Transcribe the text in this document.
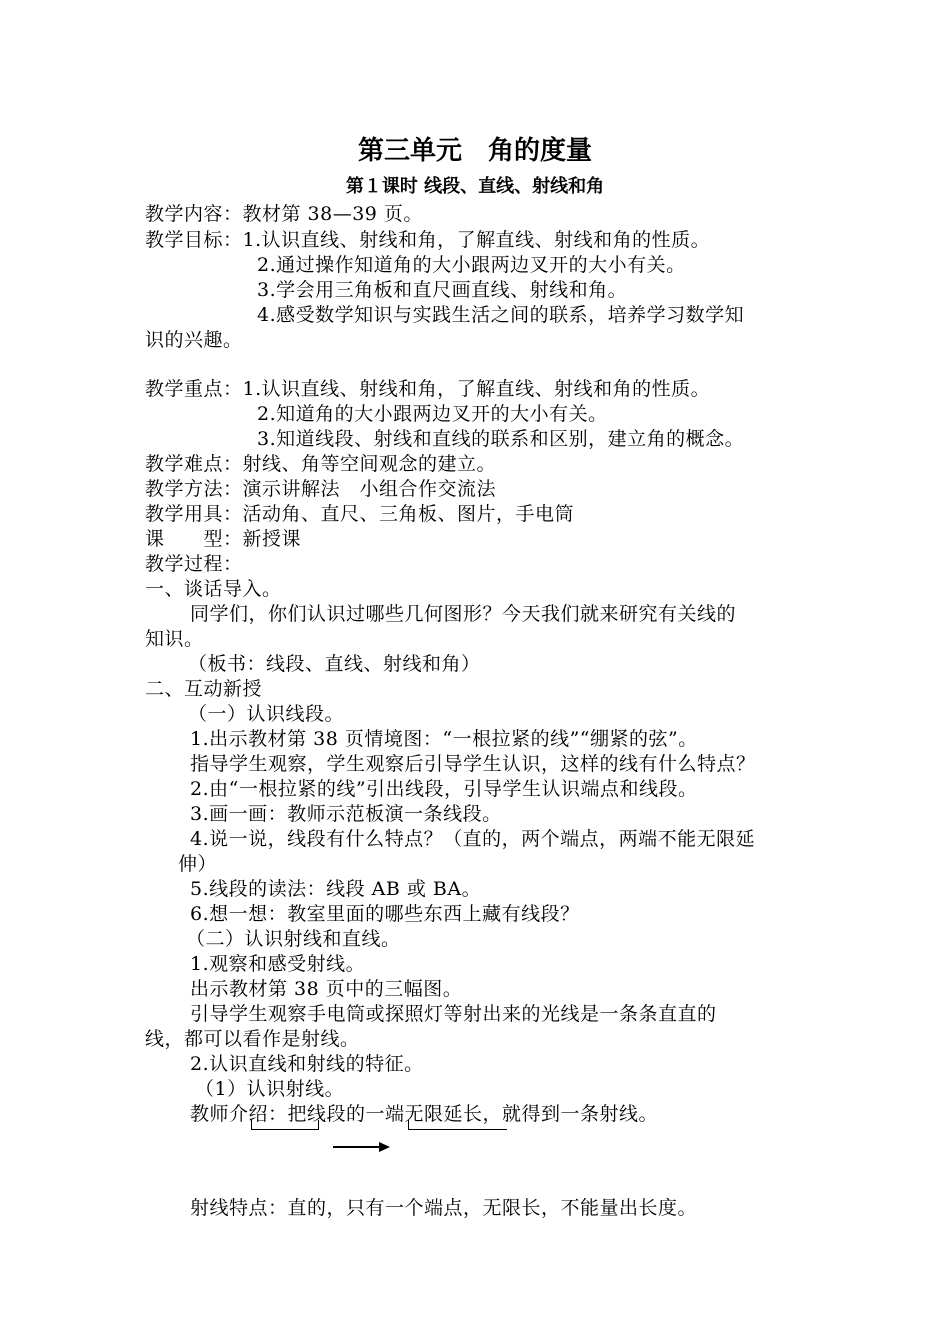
第三单元　角的度量
第１课时 线段、直线、射线和角
教学内容：教材第 38—39 页。
教学目标：1.认识直线、射线和角，了解直线、射线和角的性质。
2.通过操作知道角的大小跟两边叉开的大小有关。
3.学会用三角板和直尺画直线、射线和角。
4.感受数学知识与实践生活之间的联系，培养学习数学知
识的兴趣。
教学重点：1.认识直线、射线和角，了解直线、射线和角的性质。
2.知道角的大小跟两边叉开的大小有关。
3.知道线段、射线和直线的联系和区别，建立角的概念。
教学难点：射线、角等空间观念的建立。
教学方法：演示讲解法　小组合作交流法
教学用具：活动角、直尺、三角板、图片，手电筒
课　　型：新授课
教学过程：
一、谈话导入。
同学们，你们认识过哪些几何图形？今天我们就来研究有关线的
知识。
（板书：线段、直线、射线和角）
二、互动新授
（一）认识线段。
1.出示教材第 38 页情境图：“一根拉紧的线”“绷紧的弦”。
指导学生观察，学生观察后引导学生认识，这样的线有什么特点？
2.由“一根拉紧的线”引出线段，引导学生认识端点和线段。
3.画一画：教师示范板演一条线段。
4.说一说，线段有什么特点？（直的，两个端点，两端不能无限延
伸）
5.线段的读法：线段 AB 或 BA。
6.想一想：教室里面的哪些东西上藏有线段？
（二）认识射线和直线。
1.观察和感受射线。
出示教材第 38 页中的三幅图。
引导学生观察手电筒或探照灯等射出来的光线是一条条直直的
线，都可以看作是射线。
2.认识直线和射线的特征。
（1）认识射线。
教师介绍：把线段的一端无限延长，就得到一条射线。
射线特点：直的，只有一个端点，无限长，不能量出长度。
